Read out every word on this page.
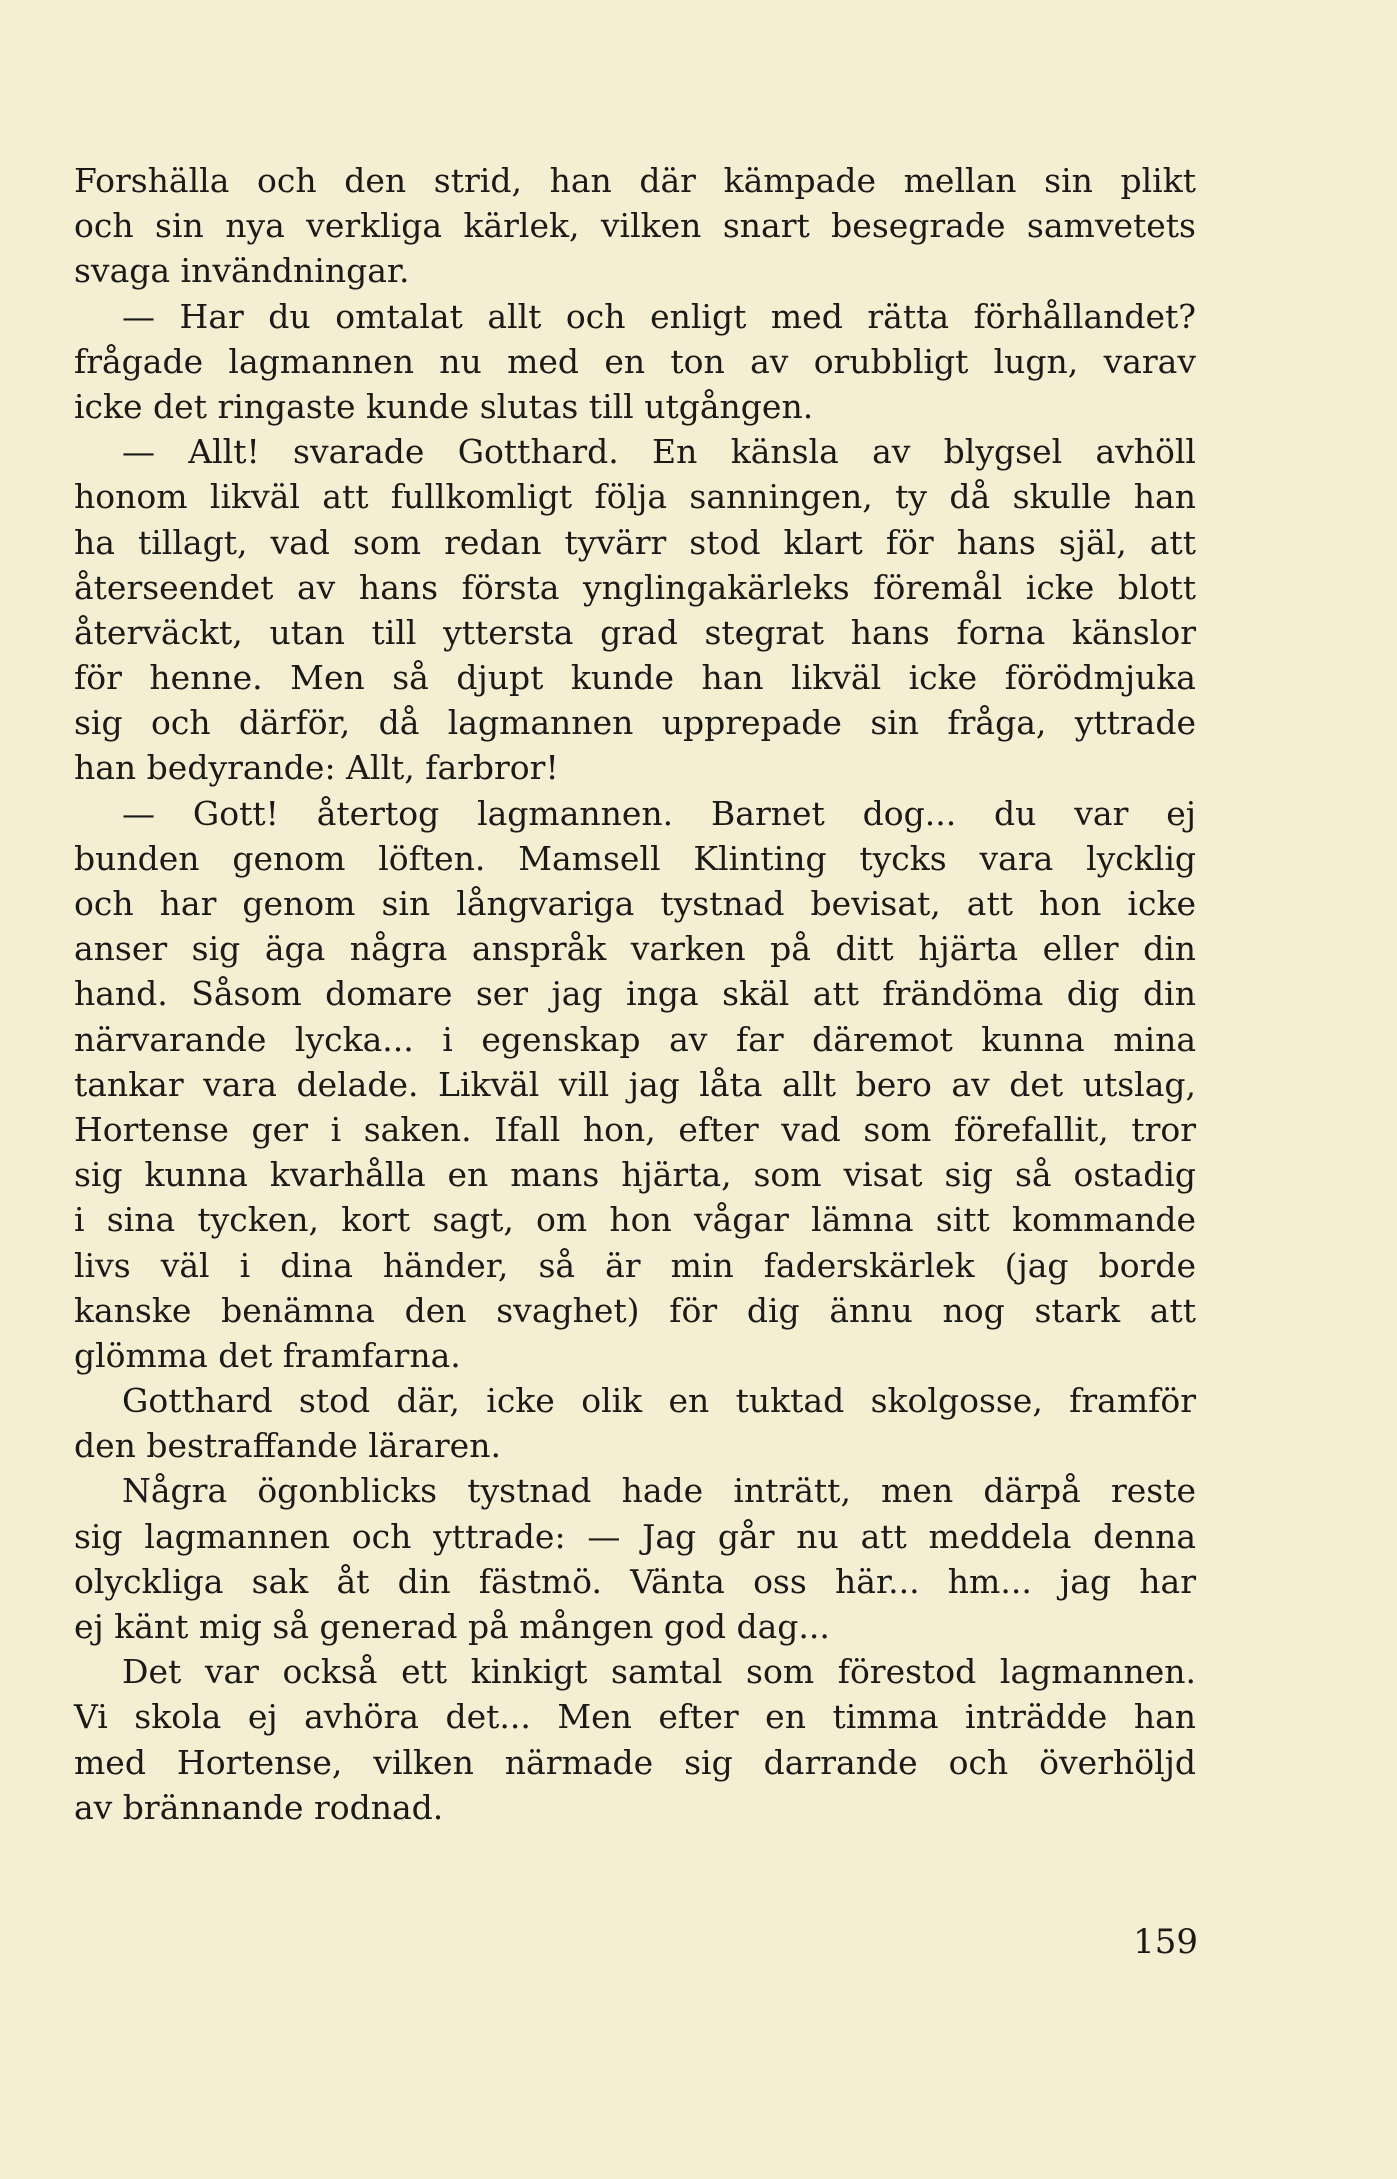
Forshälla och den strid, han där kämpade mellan sin plikt
och sin nya verkliga kärlek, vilken snart besegrade samvetets
svaga invändningar.
— Har du omtalat allt och enligt med rätta förhållandet?
frågade lagmannen nu med en ton av orubbligt lugn, varav
icke det ringaste kunde slutas till utgången.
— Allt! svarade Gotthard. En känsla av blygsel avhöll
honom likväl att fullkomligt följa sanningen, ty då skulle han
ha tillagt, vad som redan tyvärr stod klart för hans själ, att
återseendet av hans första ynglingakärleks föremål icke blott
återväckt, utan till yttersta grad stegrat hans forna känslor
för henne. Men så djupt kunde han likväl icke förödmjuka
sig och därför, då lagmannen upprepade sin fråga, yttrade
han bedyrande: Allt, farbror!
— Gott! återtog lagmannen. Barnet dog... du var ej
bunden genom löften. Mamsell Klinting tycks vara lycklig
och har genom sin långvariga tystnad bevisat, att hon icke
anser sig äga några anspråk varken på ditt hjärta eller din
hand. Såsom domare ser jag inga skäl att frändöma dig din
närvarande lycka... i egenskap av far däremot kunna mina
tankar vara delade. Likväl vill jag låta allt bero av det utslag,
Hortense ger i saken. Ifall hon, efter vad som förefallit, tror
sig kunna kvarhålla en mans hjärta, som visat sig så ostadig
i sina tycken, kort sagt, om hon vågar lämna sitt kommande
livs väl i dina händer, så är min faderskärlek (jag borde
kanske benämna den svaghet) för dig ännu nog stark att
glömma det framfarna.
Gotthard stod där, icke olik en tuktad skolgosse, framför
den bestraffande läraren.
Några ögonblicks tystnad hade inträtt, men därpå reste
sig lagmannen och yttrade: — Jag går nu att meddela denna
olyckliga sak åt din fästmö. Vänta oss här... hm... jag har
ej känt mig så generad på mången god dag...
Det var också ett kinkigt samtal som förestod lagmannen.
Vi skola ej avhöra det... Men efter en timma inträdde han
med Hortense, vilken närmade sig darrande och överhöljd
av brännande rodnad.
159
